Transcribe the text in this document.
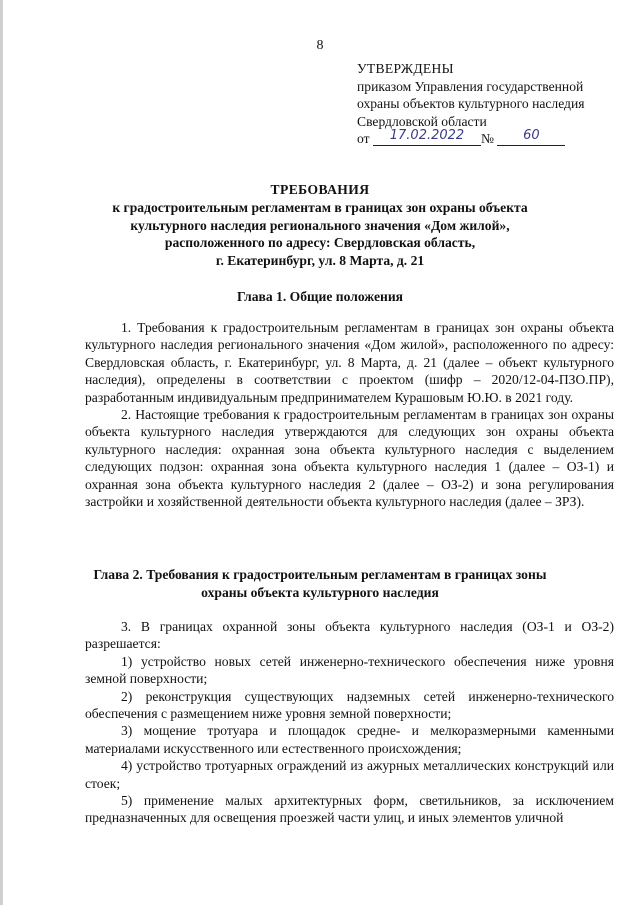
8
УТВЕРЖДЕНЫ
приказом Управления государственной
охраны объектов культурного наследия
Свердловской области
от 17.02.2022 № 60
ТРЕБОВАНИЯ
к градостроительным регламентам в границах зон охраны объекта
культурного наследия регионального значения «Дом жилой»,
расположенного по адресу: Свердловская область,
г. Екатеринбург, ул. 8 Марта, д. 21
Глава 1. Общие положения

1. Требования к градостроительным регламентам в границах зон охраны объекта культурного наследия регионального значения «Дом жилой», расположенного по адресу: Свердловская область, г. Екатеринбург, ул. 8 Марта, д. 21 (далее – объект культурного наследия), определены в соответствии с проектом (шифр – 2020/12-04-ПЗО.ПР), разработанным индивидуальным предпринимателем Курашовым Ю.Ю. в 2021 году.

2. Настоящие требования к градостроительным регламентам в границах зон охраны объекта культурного наследия утверждаются для следующих зон охраны объекта культурного наследия: охранная зона объекта культурного наследия с выделением следующих подзон: охранная зона объекта культурного наследия 1 (далее – ОЗ-1) и охранная зона объекта культурного наследия 2 (далее – ОЗ-2) и зона регулирования застройки и хозяйственной деятельности объекта культурного наследия (далее – ЗРЗ).

Глава 2. Требования к градостроительным регламентам в границах зоны
охраны объекта культурного наследия

3. В границах охранной зоны объекта культурного наследия (ОЗ-1 и ОЗ-2) разрешается:

1) устройство новых сетей инженерно-технического обеспечения ниже уровня земной поверхности;

2) реконструкция существующих надземных сетей инженерно-технического обеспечения с размещением ниже уровня земной поверхности;

3) мощение тротуара и площадок средне- и мелкоразмерными каменными материалами искусственного или естественного происхождения;

4) устройство тротуарных ограждений из ажурных металлических конструкций или стоек;

5) применение малых архитектурных форм, светильников, за исключением предназначенных для освещения проезжей части улиц, и иных элементов уличной
